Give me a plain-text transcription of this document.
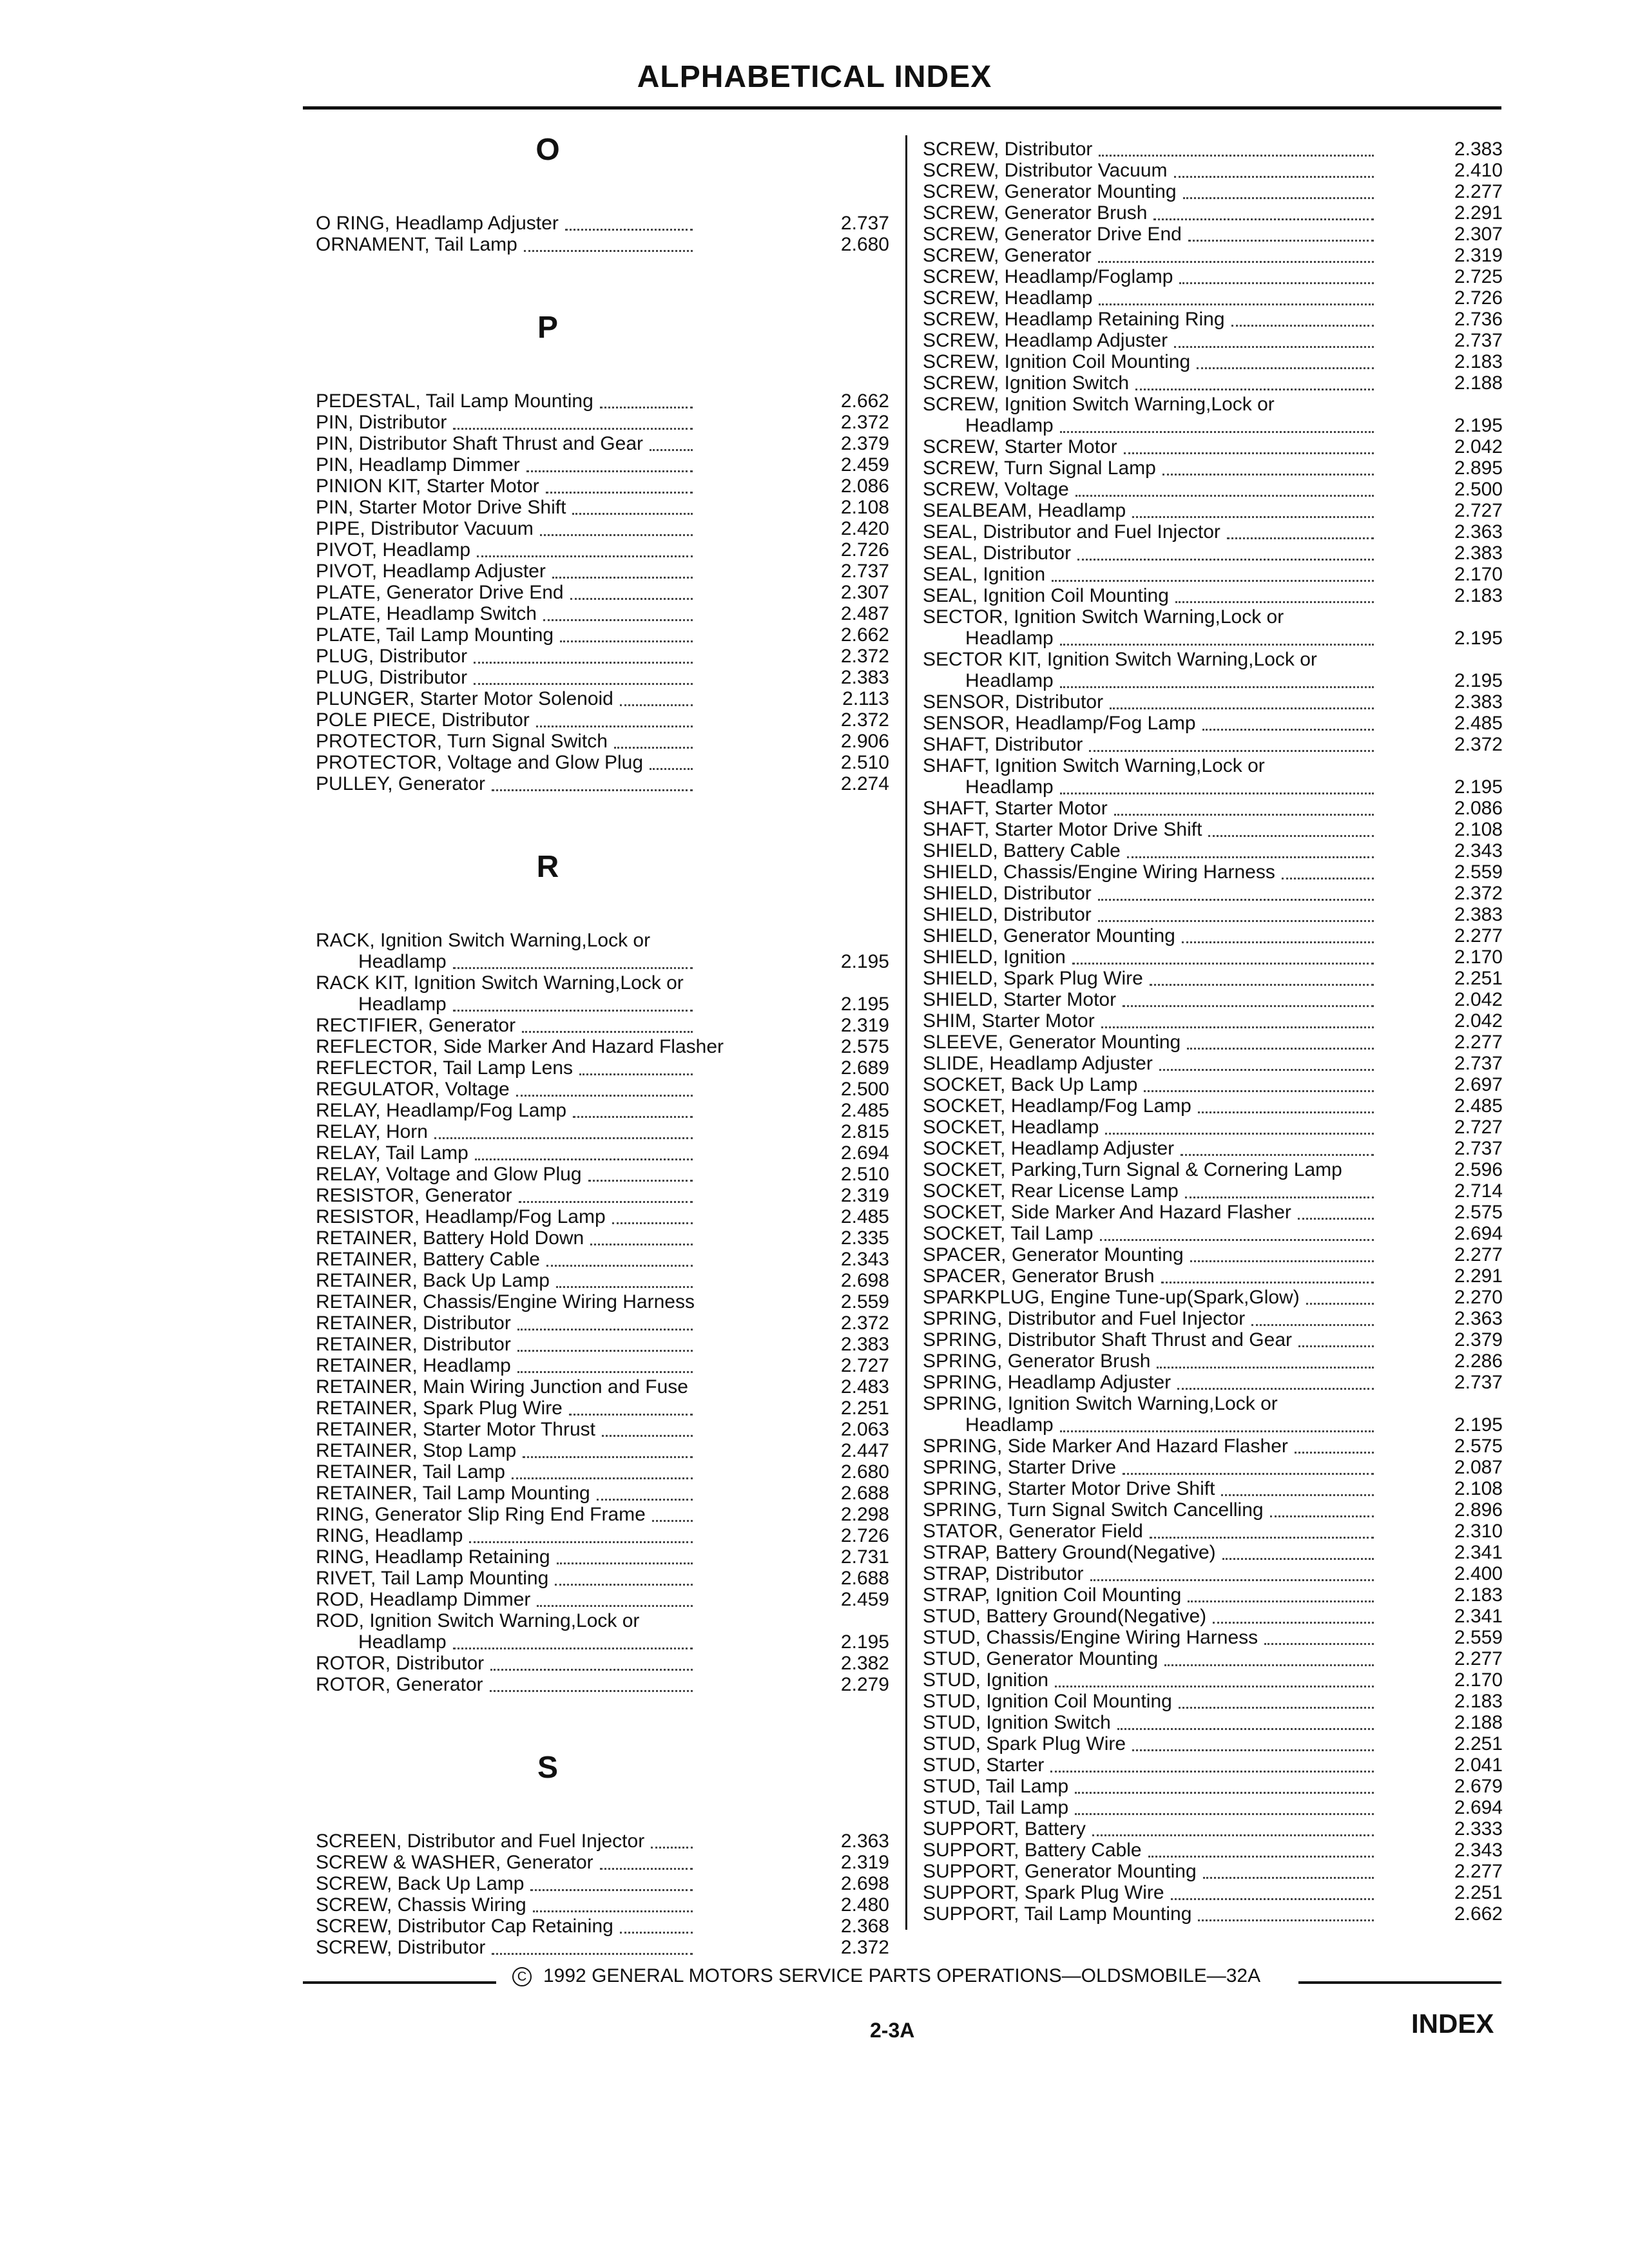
ALPHABETICAL INDEX
O
O RING, Headlamp Adjuster	2.737
ORNAMENT, Tail Lamp	2.680
P
PEDESTAL, Tail Lamp Mounting	2.662
PIN, Distributor	2.372
PIN, Distributor Shaft Thrust and Gear	2.379
PIN, Headlamp Dimmer	2.459
PINION KIT, Starter Motor	2.086
PIN, Starter Motor Drive Shift	2.108
PIPE, Distributor Vacuum	2.420
PIVOT, Headlamp	2.726
PIVOT, Headlamp Adjuster	2.737
PLATE, Generator Drive End	2.307
PLATE, Headlamp Switch	2.487
PLATE, Tail Lamp Mounting	2.662
PLUG, Distributor	2.372
PLUG, Distributor	2.383
PLUNGER, Starter Motor Solenoid	2.113
POLE PIECE, Distributor	2.372
PROTECTOR, Turn Signal Switch	2.906
PROTECTOR, Voltage and Glow Plug	2.510
PULLEY, Generator	2.274
R
RACK, Ignition Switch Warning,Lock or
Headlamp	2.195
RACK KIT, Ignition Switch Warning,Lock or
Headlamp	2.195
RECTIFIER, Generator	2.319
REFLECTOR, Side Marker And Hazard Flasher	2.575
REFLECTOR, Tail Lamp Lens	2.689
REGULATOR, Voltage	2.500
RELAY, Headlamp/Fog Lamp	2.485
RELAY, Horn	2.815
RELAY, Tail Lamp	2.694
RELAY, Voltage and Glow Plug	2.510
RESISTOR, Generator	2.319
RESISTOR, Headlamp/Fog Lamp	2.485
RETAINER, Battery Hold Down	2.335
RETAINER, Battery Cable	2.343
RETAINER, Back Up Lamp	2.698
RETAINER, Chassis/Engine Wiring Harness	2.559
RETAINER, Distributor	2.372
RETAINER, Distributor	2.383
RETAINER, Headlamp	2.727
RETAINER, Main Wiring Junction and Fuse	2.483
RETAINER, Spark Plug Wire	2.251
RETAINER, Starter Motor Thrust	2.063
RETAINER, Stop Lamp	2.447
RETAINER, Tail Lamp	2.680
RETAINER, Tail Lamp Mounting	2.688
RING, Generator Slip Ring End Frame	2.298
RING, Headlamp	2.726
RING, Headlamp Retaining	2.731
RIVET, Tail Lamp Mounting	2.688
ROD, Headlamp Dimmer	2.459
ROD, Ignition Switch Warning,Lock or
Headlamp	2.195
ROTOR, Distributor	2.382
ROTOR, Generator	2.279
S
SCREEN, Distributor and Fuel Injector	2.363
SCREW & WASHER, Generator	2.319
SCREW, Back Up Lamp	2.698
SCREW, Chassis Wiring	2.480
SCREW, Distributor Cap Retaining	2.368
SCREW, Distributor	2.372
SCREW, Distributor	2.383
SCREW, Distributor Vacuum	2.410
SCREW, Generator Mounting	2.277
SCREW, Generator Brush	2.291
SCREW, Generator Drive End	2.307
SCREW, Generator	2.319
SCREW, Headlamp/Foglamp	2.725
SCREW, Headlamp	2.726
SCREW, Headlamp Retaining Ring	2.736
SCREW, Headlamp Adjuster	2.737
SCREW, Ignition Coil Mounting	2.183
SCREW, Ignition Switch	2.188
SCREW, Ignition Switch Warning,Lock or
Headlamp	2.195
SCREW, Starter Motor	2.042
SCREW, Turn Signal Lamp	2.895
SCREW, Voltage	2.500
SEALBEAM, Headlamp	2.727
SEAL, Distributor and Fuel Injector	2.363
SEAL, Distributor	2.383
SEAL, Ignition	2.170
SEAL, Ignition Coil Mounting	2.183
SECTOR, Ignition Switch Warning,Lock or
Headlamp	2.195
SECTOR KIT, Ignition Switch Warning,Lock or
Headlamp	2.195
SENSOR, Distributor	2.383
SENSOR, Headlamp/Fog Lamp	2.485
SHAFT, Distributor	2.372
SHAFT, Ignition Switch Warning,Lock or
Headlamp	2.195
SHAFT, Starter Motor	2.086
SHAFT, Starter Motor Drive Shift	2.108
SHIELD, Battery Cable	2.343
SHIELD, Chassis/Engine Wiring Harness	2.559
SHIELD, Distributor	2.372
SHIELD, Distributor	2.383
SHIELD, Generator Mounting	2.277
SHIELD, Ignition	2.170
SHIELD, Spark Plug Wire	2.251
SHIELD, Starter Motor	2.042
SHIM, Starter Motor	2.042
SLEEVE, Generator Mounting	2.277
SLIDE, Headlamp Adjuster	2.737
SOCKET, Back Up Lamp	2.697
SOCKET, Headlamp/Fog Lamp	2.485
SOCKET, Headlamp	2.727
SOCKET, Headlamp Adjuster	2.737
SOCKET, Parking,Turn Signal & Cornering Lamp	2.596
SOCKET, Rear License Lamp	2.714
SOCKET, Side Marker And Hazard Flasher	2.575
SOCKET, Tail Lamp	2.694
SPACER, Generator Mounting	2.277
SPACER, Generator Brush	2.291
SPARKPLUG, Engine Tune-up(Spark,Glow)	2.270
SPRING, Distributor and Fuel Injector	2.363
SPRING, Distributor Shaft Thrust and Gear	2.379
SPRING, Generator Brush	2.286
SPRING, Headlamp Adjuster	2.737
SPRING, Ignition Switch Warning,Lock or
Headlamp	2.195
SPRING, Side Marker And Hazard Flasher	2.575
SPRING, Starter Drive	2.087
SPRING, Starter Motor Drive Shift	2.108
SPRING, Turn Signal Switch Cancelling	2.896
STATOR, Generator Field	2.310
STRAP, Battery Ground(Negative)	2.341
STRAP, Distributor	2.400
STRAP, Ignition Coil Mounting	2.183
STUD, Battery Ground(Negative)	2.341
STUD, Chassis/Engine Wiring Harness	2.559
STUD, Generator Mounting	2.277
STUD, Ignition	2.170
STUD, Ignition Coil Mounting	2.183
STUD, Ignition Switch	2.188
STUD, Spark Plug Wire	2.251
STUD, Starter	2.041
STUD, Tail Lamp	2.679
STUD, Tail Lamp	2.694
SUPPORT, Battery	2.333
SUPPORT, Battery Cable	2.343
SUPPORT, Generator Mounting	2.277
SUPPORT, Spark Plug Wire	2.251
SUPPORT, Tail Lamp Mounting	2.662
C 1992 GENERAL MOTORS SERVICE PARTS OPERATIONS—OLDSMOBILE—32A
2-3A	INDEX
